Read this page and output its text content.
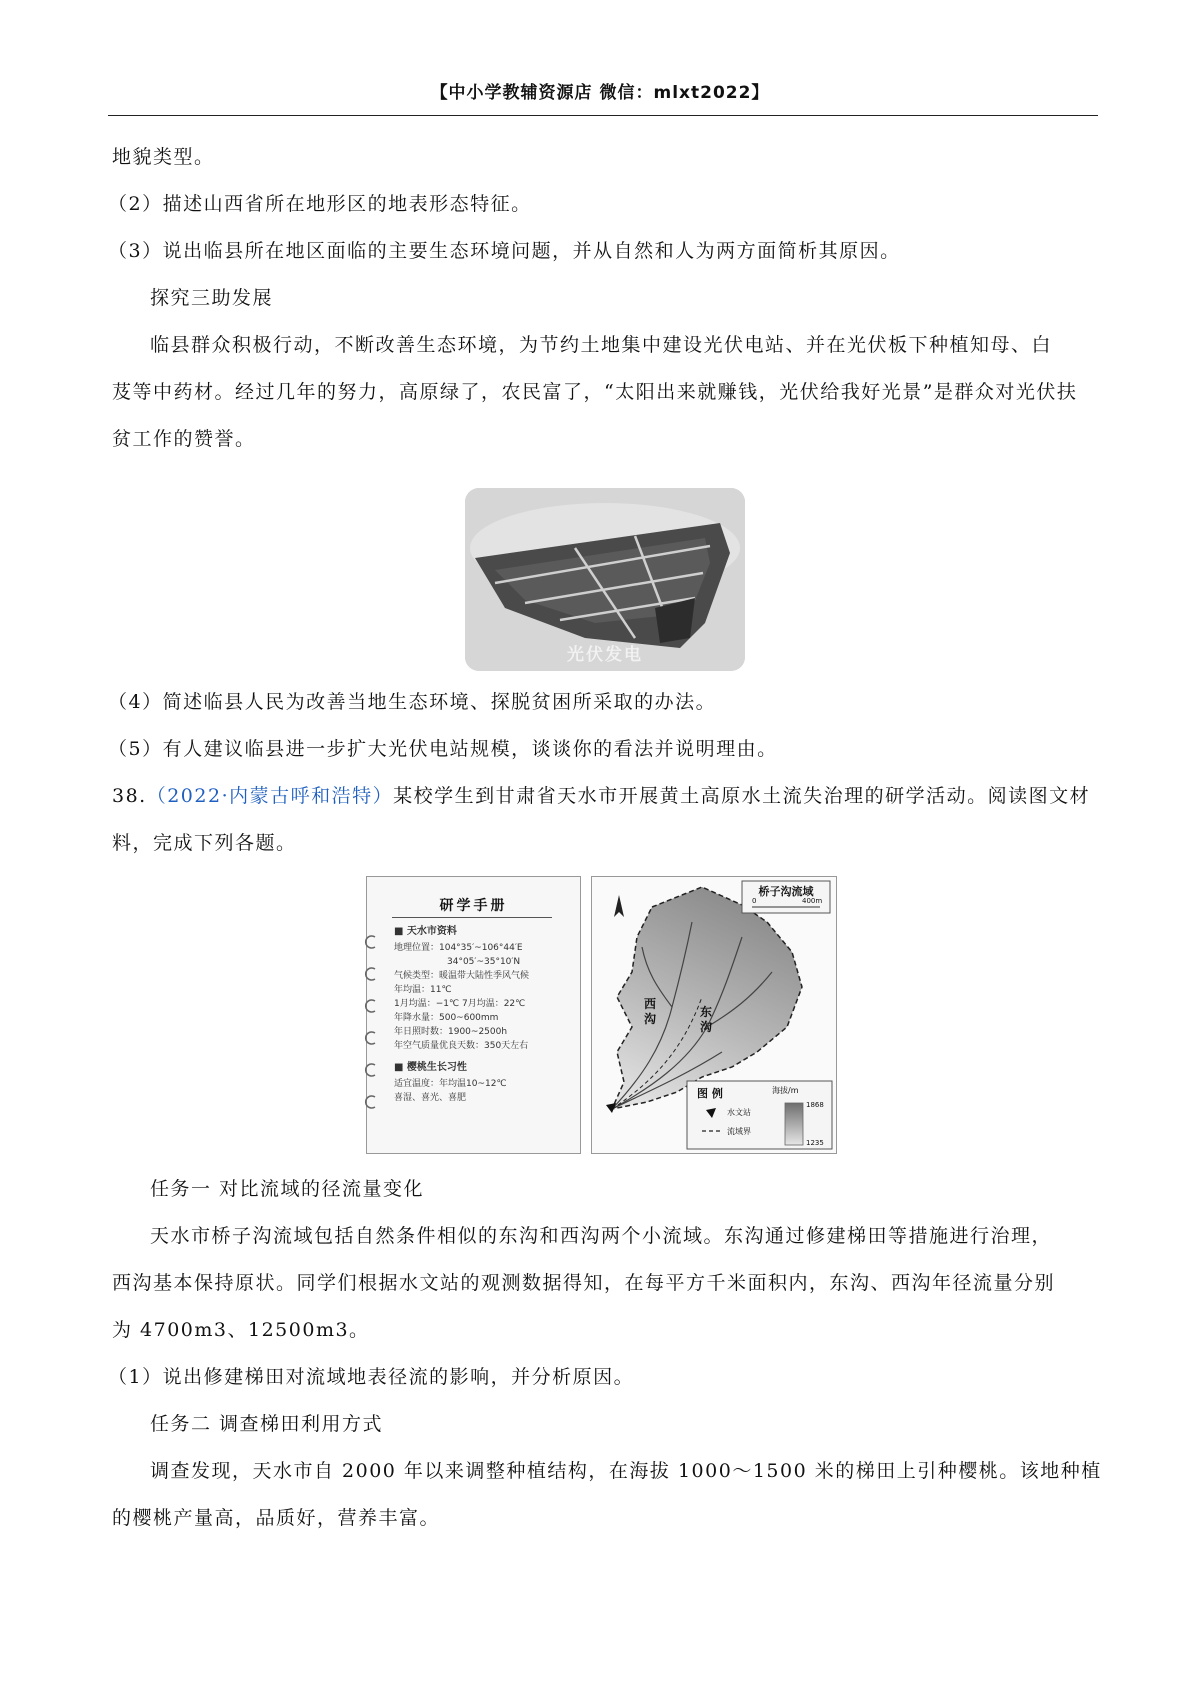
【中小学教辅资源店 微信：mlxt2022】
地貌类型。
（2）描述山西省所在地形区的地表形态特征。
（3）说出临县所在地区面临的主要生态环境问题，并从自然和人为两方面简析其原因。
探究三助发展
临县群众积极行动，不断改善生态环境，为节约土地集中建设光伏电站、并在光伏板下种植知母、白
芨等中药材。经过几年的努力，高原绿了，农民富了，“太阳出来就赚钱，光伏给我好光景”是群众对光伏扶
贫工作的赞誉。
光伏发电
（4）简述临县人民为改善当地生态环境、探脱贫困所采取的办法。
（5）有人建议临县进一步扩大光伏电站规模，谈谈你的看法并说明理由。
38.（2022·内蒙古呼和浩特）某校学生到甘肃省天水市开展黄土高原水土流失治理的研学活动。阅读图文材
料，完成下列各题。
研学手册
■ 天水市资料
地理位置：104°35′~106°44′E
34°05′~35°10′N
气候类型：暖温带大陆性季风气候
年均温：11℃
1月均温：−1℃ 7月均温：22℃
年降水量：500~600mm
年日照时数：1900~2500h
年空气质量优良天数：350天左右
■ 樱桃生长习性
适宜温度：年均温10~12℃
喜湿、喜光、喜肥
桥子沟流域
0	400m
西沟	东沟
图 例	海拔/m
水文站
流域界
1868
1235
任务一 对比流域的径流量变化
天水市桥子沟流域包括自然条件相似的东沟和西沟两个小流域。东沟通过修建梯田等措施进行治理，
西沟基本保持原状。同学们根据水文站的观测数据得知，在每平方千米面积内，东沟、西沟年径流量分别
为 4700m3、12500m3。
（1）说出修建梯田对流域地表径流的影响，并分析原因。
任务二 调查梯田利用方式
调查发现，天水市自 2000 年以来调整种植结构，在海拔 1000～1500 米的梯田上引种樱桃。该地种植
的樱桃产量高，品质好，营养丰富。
